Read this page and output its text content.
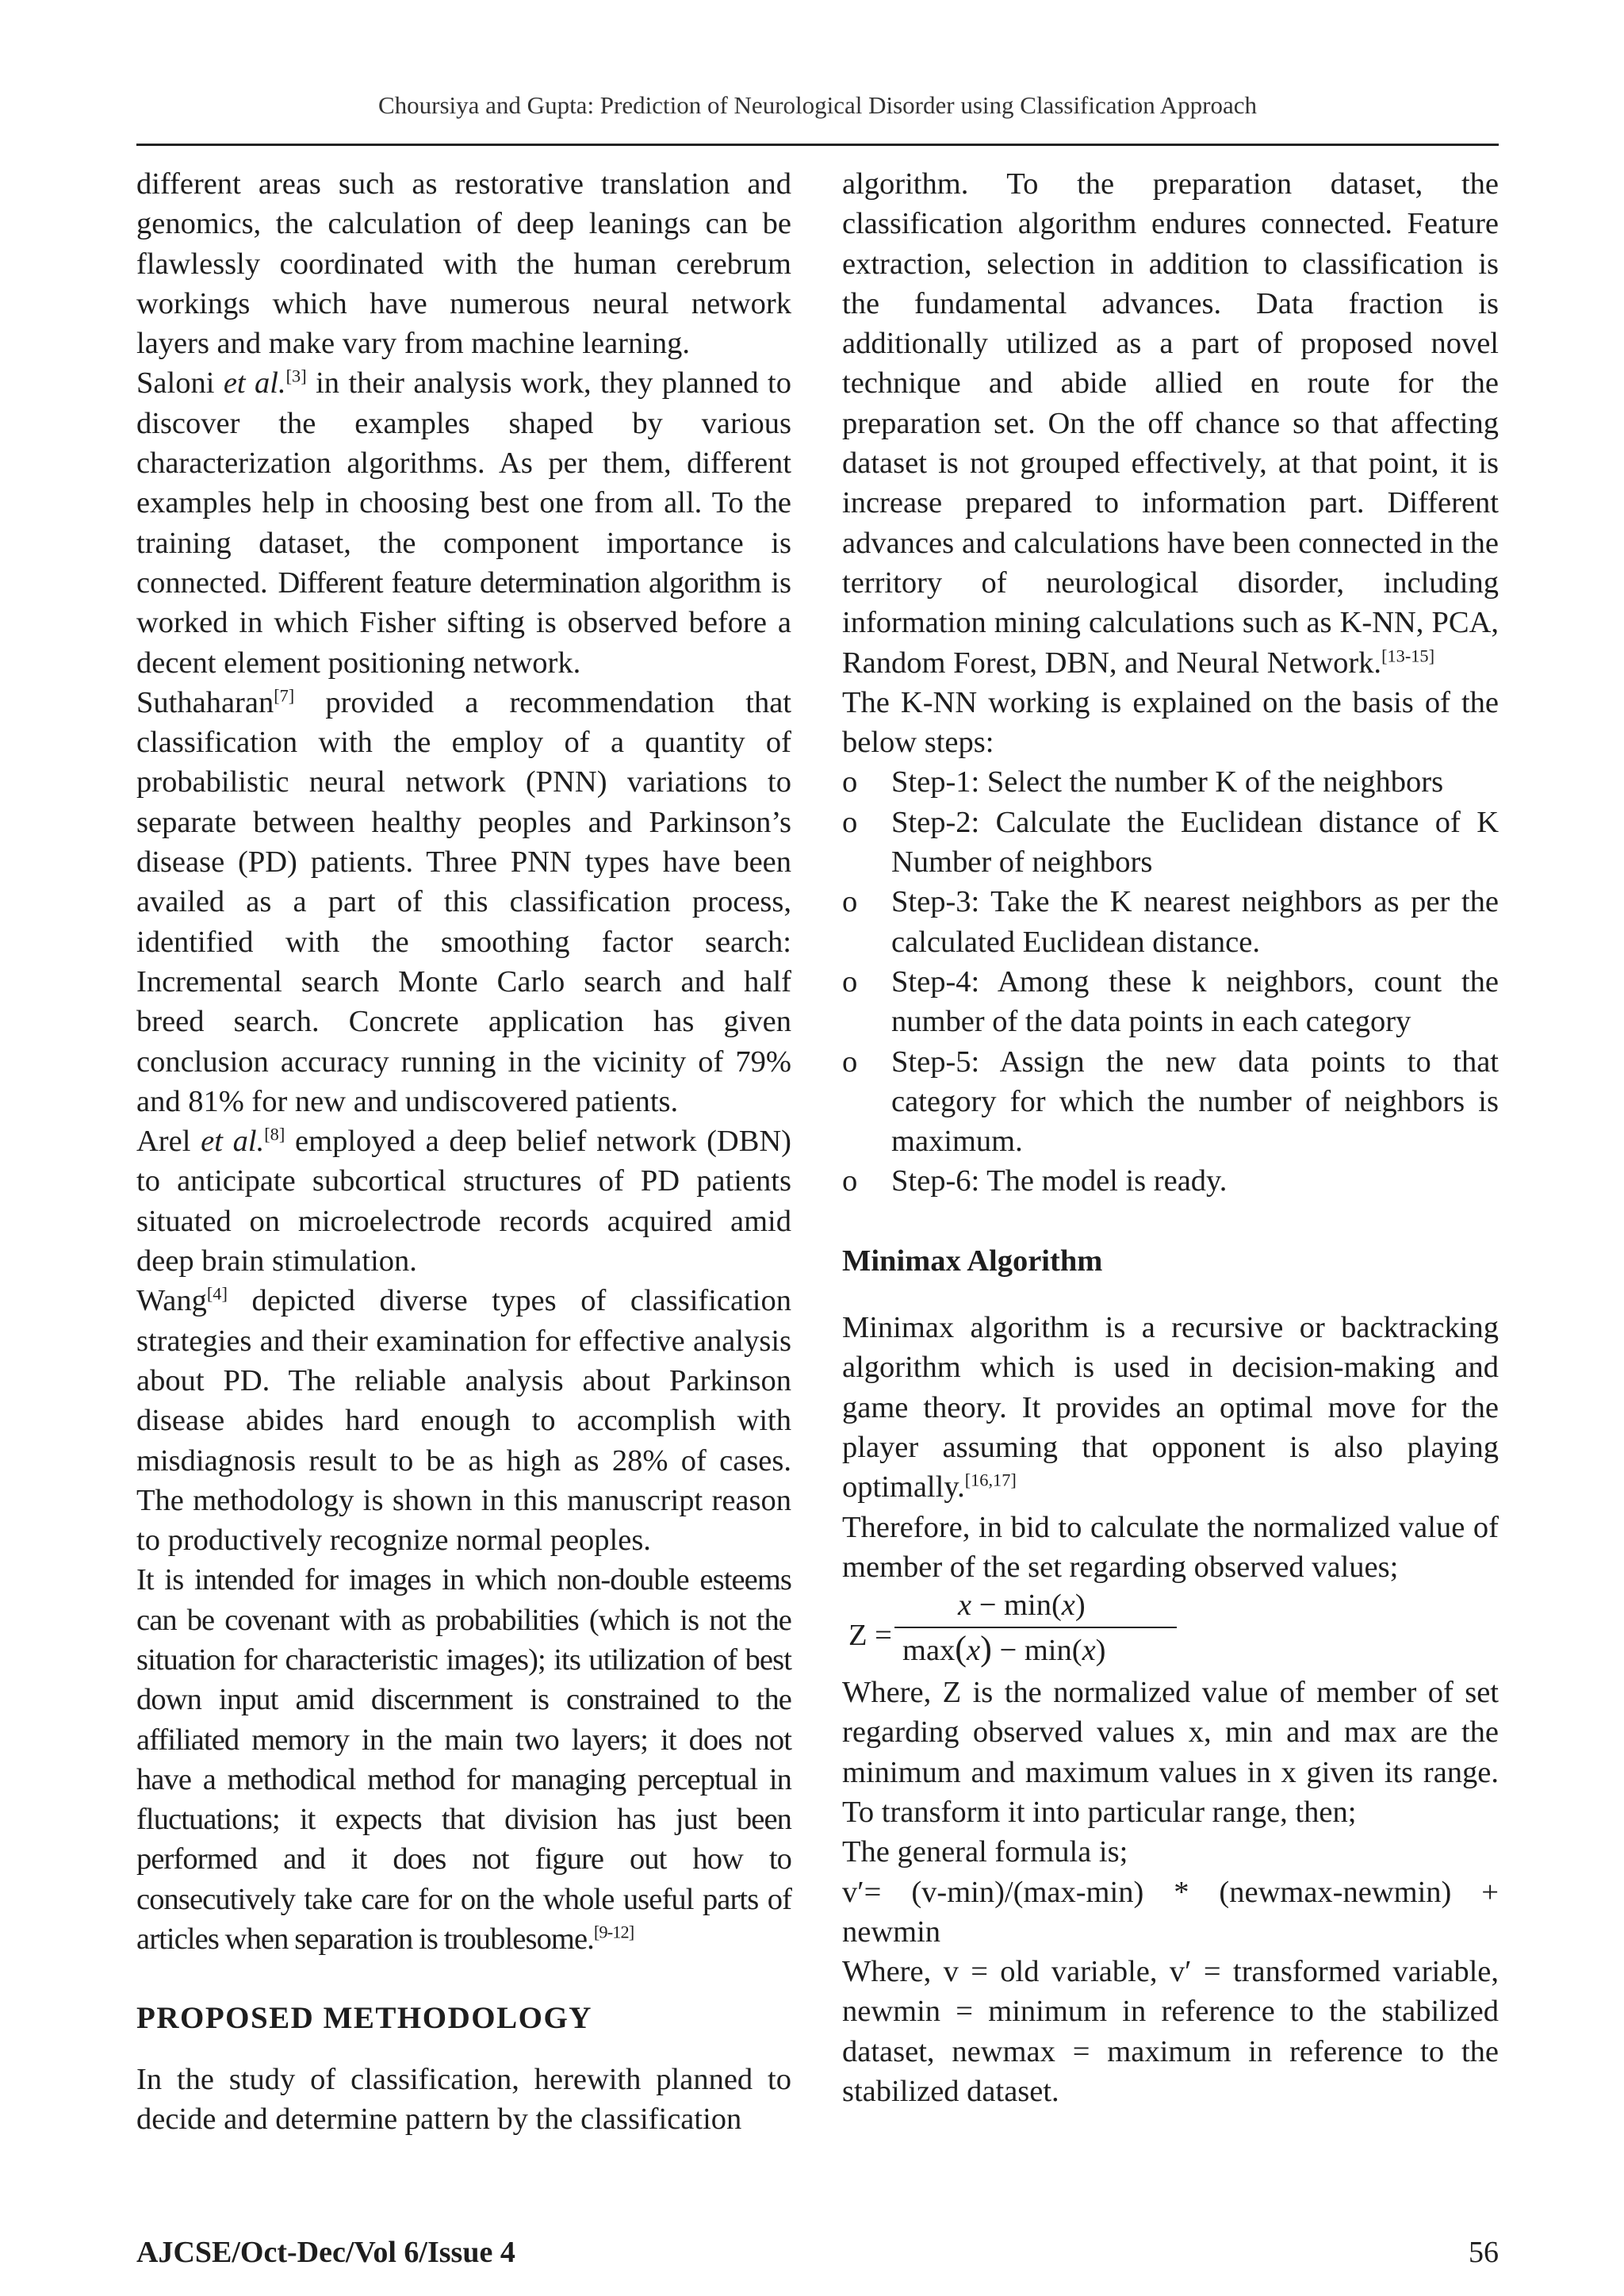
Choursiya and Gupta: Prediction of Neurological Disorder using Classification Approach

different areas such as restorative translation and genomics, the calculation of deep leanings can be flawlessly coordinated with the human cerebrum workings which have numerous neural network layers and make vary from machine learning.

Saloni et al.[3] in their analysis work, they planned to discover the examples shaped by various characterization algorithms. As per them, different examples help in choosing best one from all. To the training dataset, the component importance is connected. Different feature determination algorithm is worked in which Fisher sifting is observed before a decent element positioning network.

Suthaharan[7] provided a recommendation that classification with the employ of a quantity of probabilistic neural network (PNN) variations to separate between healthy peoples and Parkinson’s disease (PD) patients. Three PNN types have been availed as a part of this classification process, identified with the smoothing factor search: Incremental search Monte Carlo search and half breed search. Concrete application has given conclusion accuracy running in the vicinity of 79% and 81% for new and undiscovered patients.

Arel et al.[8] employed a deep belief network (DBN) to anticipate subcortical structures of PD patients situated on microelectrode records acquired amid deep brain stimulation.

Wang[4] depicted diverse types of classification strategies and their examination for effective analysis about PD. The reliable analysis about Parkinson disease abides hard enough to accomplish with misdiagnosis result to be as high as 28% of cases. The methodology is shown in this manuscript reason to productively recognize normal peoples.

It is intended for images in which non-double esteems can be covenant with as probabilities (which is not the situation for characteristic images); its utilization of best down input amid discernment is constrained to the affiliated memory in the main two layers; it does not have a methodical method for managing perceptual in fluctuations; it expects that division has just been performed and it does not figure out how to consecutively take care for on the whole useful parts of articles when separation is troublesome.[9-12]

PROPOSED METHODOLOGY

In the study of classification, herewith planned to decide and determine pattern by the classification

algorithm. To the preparation dataset, the classification algorithm endures connected. Feature extraction, selection in addition to classification is the fundamental advances. Data fraction is additionally utilized as a part of proposed novel technique and abide allied en route for the preparation set. On the off chance so that affecting dataset is not grouped effectively, at that point, it is increase prepared to information part. Different advances and calculations have been connected in the territory of neurological disorder, including information mining calculations such as K-NN, PCA, Random Forest, DBN, and Neural Network.[13-15]

The K-NN working is explained on the basis of the below steps:

o Step-1: Select the number K of the neighbors
o Step-2: Calculate the Euclidean distance of K Number of neighbors
o Step-3: Take the K nearest neighbors as per the calculated Euclidean distance.
o Step-4: Among these k neighbors, count the number of the data points in each category
o Step-5: Assign the new data points to that category for which the number of neighbors is maximum.
o Step-6: The model is ready.

Minimax Algorithm

Minimax algorithm is a recursive or backtracking algorithm which is used in decision-making and game theory. It provides an optimal move for the player assuming that opponent is also playing optimally.[16,17]

Therefore, in bid to calculate the normalized value of member of the set regarding observed values;

Z =
x − min(x)
max(x) − min(x)

Where, Z is the normalized value of member of set regarding observed values x, min and max are the minimum and maximum values in x given its range. To transform it into particular range, then;

The general formula is;

v′= (v-min)/(max-min) * (newmax-newmin) + newmin

Where, v = old variable, v′ = transformed variable, newmin = minimum in reference to the stabilized dataset, newmax = maximum in reference to the stabilized dataset.

AJCSE/Oct-Dec/Vol 6/Issue 4	56
